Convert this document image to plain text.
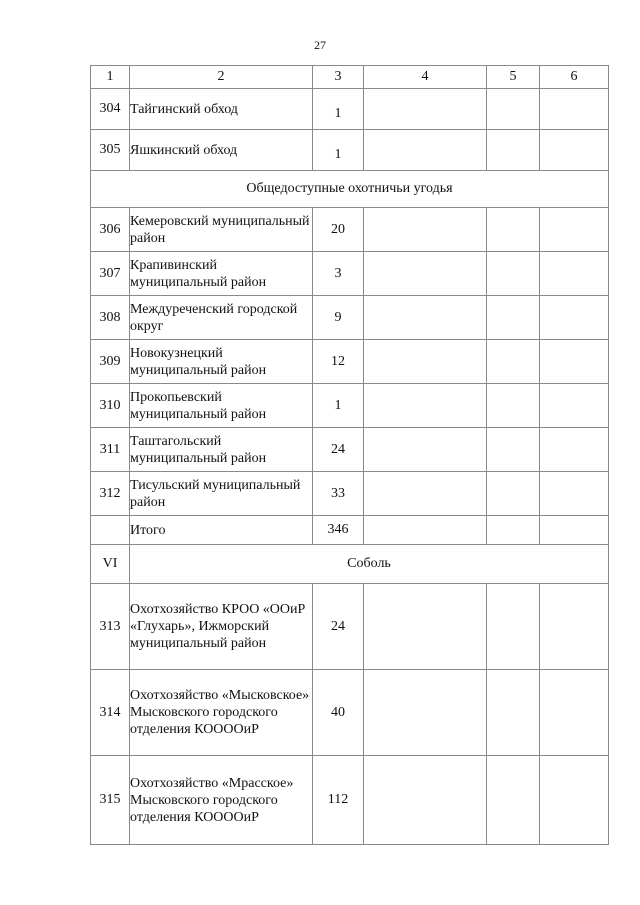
27
1	2	3	4	5	6
304	Тайгинский обход	1			
305	Яшкинский обход	1			
Общедоступные охотничьи угодья					
306	Кемеровский муниципальный район	20			
307	Крапивинский муниципальный район	3			
308	Междуреченский городской округ	9			
309	Новокузнецкий муниципальный район	12			
310	Прокопьевский муниципальный район	1			
311	Таштагольский муниципальный район	24			
312	Тисульский муниципальный район	33			
	Итого	346			
VI	Соболь				
313	Охотхозяйство КРОО «ООиР «Глухарь», Ижморский муниципальный район	24			
314	Охотхозяйство «Мысковское» Мысковского городского отделения КООООиР	40			
315	Охотхозяйство «Мрасское» Мысковского городского отделения КООООиР	112			
